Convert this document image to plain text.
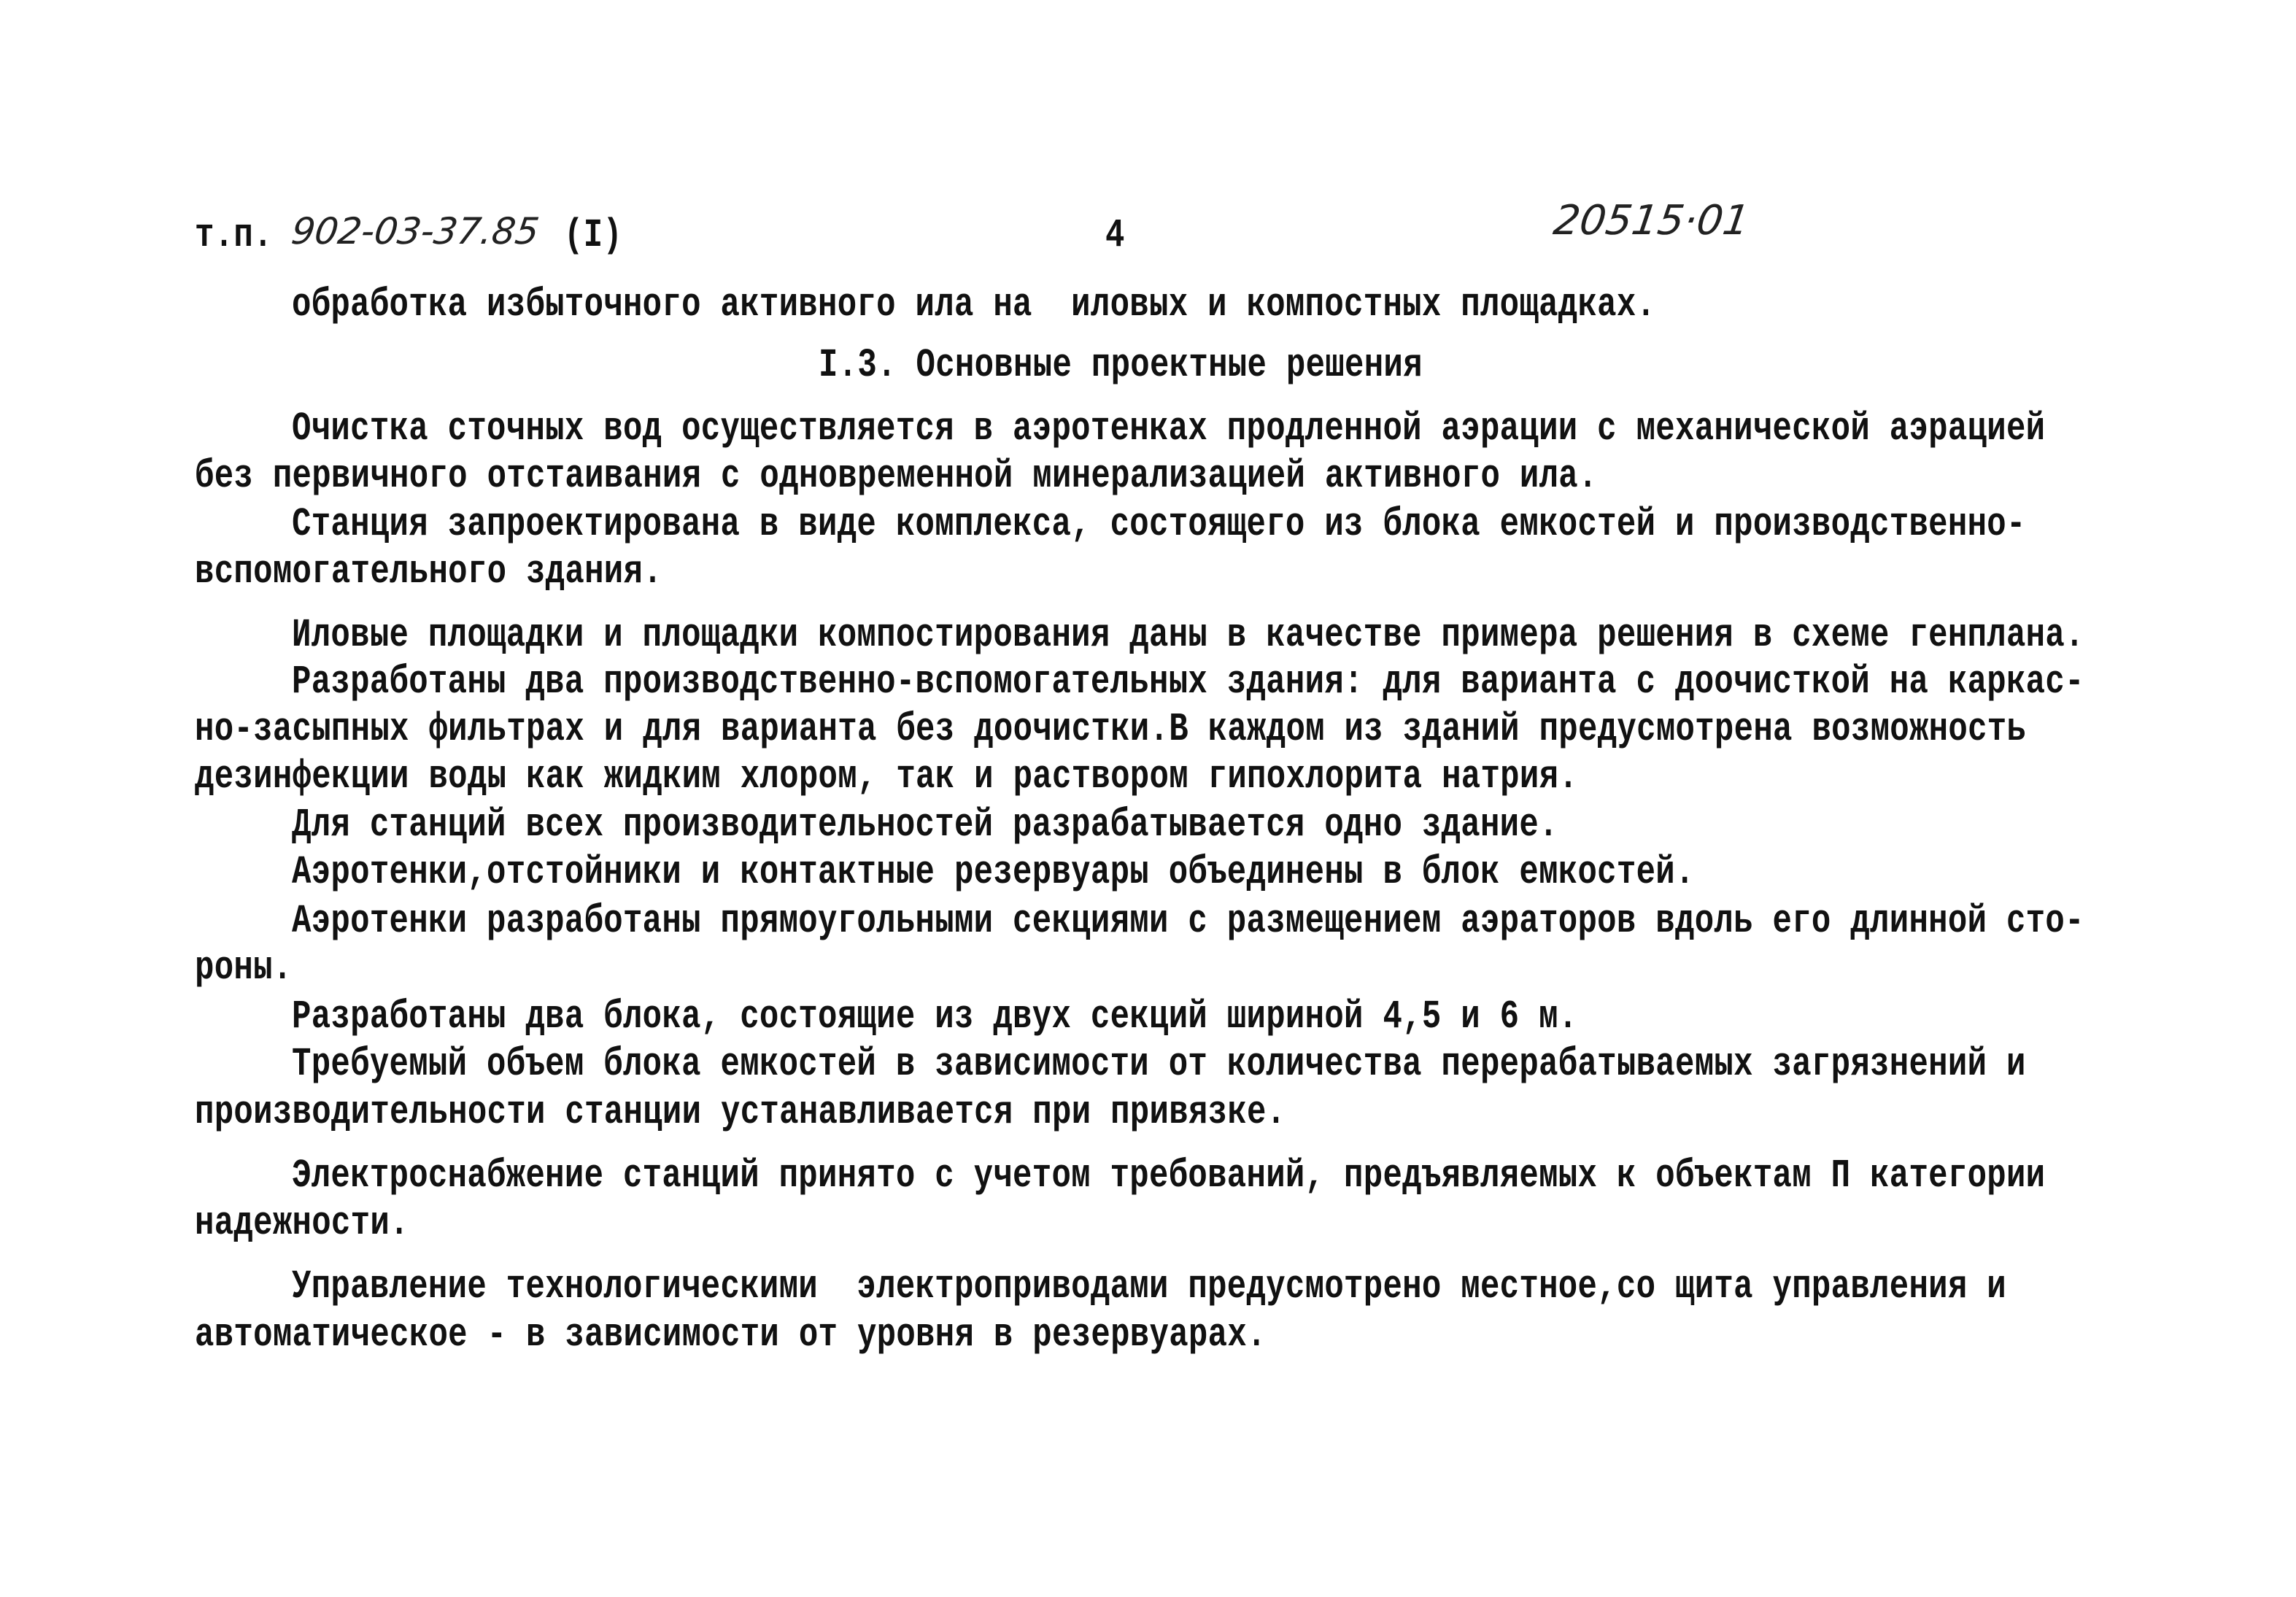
т.п. 902-03-37.85 (I)	4	20515·01
обработка избыточного активного ила на  иловых и компостных площадках.
I.3. Основные проектные решения
Очистка сточных вод осуществляется в аэротенках продленной аэрации с механической аэрацией
без первичного отстаивания с одновременной минерализацией активного ила.
Станция запроектирована в виде комплекса, состоящего из блока емкостей и производственно-
вспомогательного здания.
Иловые площадки и площадки компостирования даны в качестве примера решения в схеме генплана.
Разработаны два производственно-вспомогательных здания: для варианта с доочисткой на каркас-
но-засыпных фильтрах и для варианта без доочистки.В каждом из зданий предусмотрена возможность
дезинфекции воды как жидким хлором, так и раствором гипохлорита натрия.
Для станций всех производительностей разрабатывается одно здание.
Аэротенки,отстойники и контактные резервуары объединены в блок емкостей.
Аэротенки разработаны прямоугольными секциями с размещением аэраторов вдоль его длинной сто-
роны.
Разработаны два блока, состоящие из двух секций шириной 4,5 и 6 м.
Требуемый объем блока емкостей в зависимости от количества перерабатываемых загрязнений и
производительности станции устанавливается при привязке.
Электроснабжение станций принято с учетом требований, предъявляемых к объектам П категории
надежности.
Управление технологическими  электроприводами предусмотрено местное,со щита управления и
автоматическое - в зависимости от уровня в резервуарах.
